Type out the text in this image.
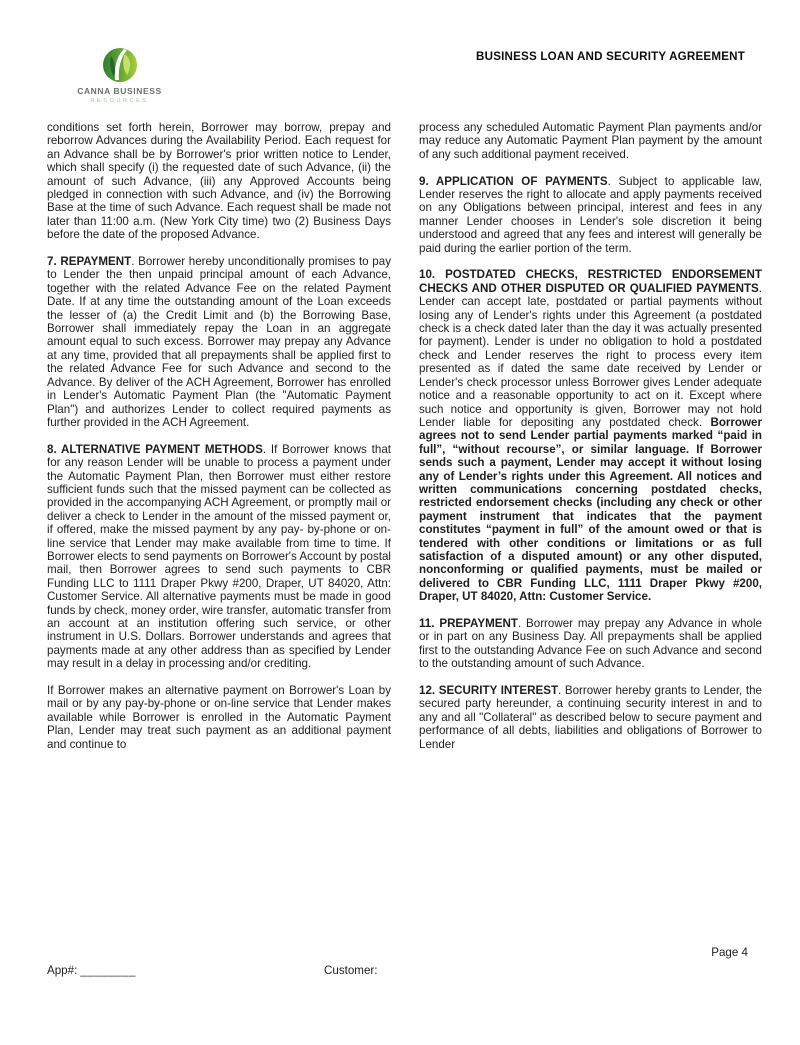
CANNA BUSINESS
RESOURCES
BUSINESS LOAN AND SECURITY AGREEMENT

conditions set forth herein, Borrower may borrow, prepay and reborrow Advances during the Availability Period. Each request for an Advance shall be by Borrower's prior written notice to Lender, which shall specify (i) the requested date of such Advance, (ii) the amount of such Advance, (iii) any Approved Accounts being pledged in connection with such Advance, and (iv) the Borrowing Base at the time of such Advance. Each request shall be made not later than 11:00 a.m. (New York City time) two (2) Business Days before the date of the proposed Advance.

7. REPAYMENT. Borrower hereby unconditionally promises to pay to Lender the then unpaid principal amount of each Advance, together with the related Advance Fee on the related Payment Date. If at any time the outstanding amount of the Loan exceeds the lesser of (a) the Credit Limit and (b) the Borrowing Base, Borrower shall immediately repay the Loan in an aggregate amount equal to such excess. Borrower may prepay any Advance at any time, provided that all prepayments shall be applied first to the related Advance Fee for such Advance and second to the Advance. By deliver of the ACH Agreement, Borrower has enrolled in Lender's Automatic Payment Plan (the "Automatic Payment Plan") and authorizes Lender to collect required payments as further provided in the ACH Agreement.

8. ALTERNATIVE PAYMENT METHODS. If Borrower knows that for any reason Lender will be unable to process a payment under the Automatic Payment Plan, then Borrower must either restore sufficient funds such that the missed payment can be collected as provided in the accompanying ACH Agreement, or promptly mail or deliver a check to Lender in the amount of the missed payment or, if offered, make the missed payment by any pay- by-phone or on-line service that Lender may make available from time to time. If Borrower elects to send payments on Borrower's Account by postal mail, then Borrower agrees to send such payments to CBR Funding LLC to 1111 Draper Pkwy #200, Draper, UT 84020, Attn: Customer Service. All alternative payments must be made in good funds by check, money order, wire transfer, automatic transfer from an account at an institution offering such service, or other instrument in U.S. Dollars. Borrower understands and agrees that payments made at any other address than as specified by Lender may result in a delay in processing and/or crediting.

If Borrower makes an alternative payment on Borrower's Loan by mail or by any pay-by-phone or on-line service that Lender makes available while Borrower is enrolled in the Automatic Payment Plan, Lender may treat such payment as an additional payment and continue to

process any scheduled Automatic Payment Plan payments and/or may reduce any Automatic Payment Plan payment by the amount of any such additional payment received.

9. APPLICATION OF PAYMENTS. Subject to applicable law, Lender reserves the right to allocate and apply payments received on any Obligations between principal, interest and fees in any manner Lender chooses in Lender's sole discretion it being understood and agreed that any fees and interest will generally be paid during the earlier portion of the term.

10. POSTDATED CHECKS, RESTRICTED ENDORSEMENT CHECKS AND OTHER DISPUTED OR QUALIFIED PAYMENTS. Lender can accept late, postdated or partial payments without losing any of Lender's rights under this Agreement (a postdated check is a check dated later than the day it was actually presented for payment). Lender is under no obligation to hold a postdated check and Lender reserves the right to process every item presented as if dated the same date received by Lender or Lender's check processor unless Borrower gives Lender adequate notice and a reasonable opportunity to act on it. Except where such notice and opportunity is given, Borrower may not hold Lender liable for depositing any postdated check. Borrower agrees not to send Lender partial payments marked “paid in full”, “without recourse”, or similar language. If Borrower sends such a payment, Lender may accept it without losing any of Lender’s rights under this Agreement. All notices and written communications concerning postdated checks, restricted endorsement checks (including any check or other payment instrument that indicates that the payment constitutes “payment in full” of the amount owed or that is tendered with other conditions or limitations or as full satisfaction of a disputed amount) or any other disputed, nonconforming or qualified payments, must be mailed or delivered to CBR Funding LLC, 1111 Draper Pkwy #200, Draper, UT 84020, Attn: Customer Service.

11. PREPAYMENT. Borrower may prepay any Advance in whole or in part on any Business Day. All prepayments shall be applied first to the outstanding Advance Fee on such Advance and second to the outstanding amount of such Advance.

12. SECURITY INTEREST. Borrower hereby grants to Lender, the secured party hereunder, a continuing security interest in and to any and all "Collateral" as described below to secure payment and performance of all debts, liabilities and obligations of Borrower to Lender

Page 4
App#: ________	Customer:
